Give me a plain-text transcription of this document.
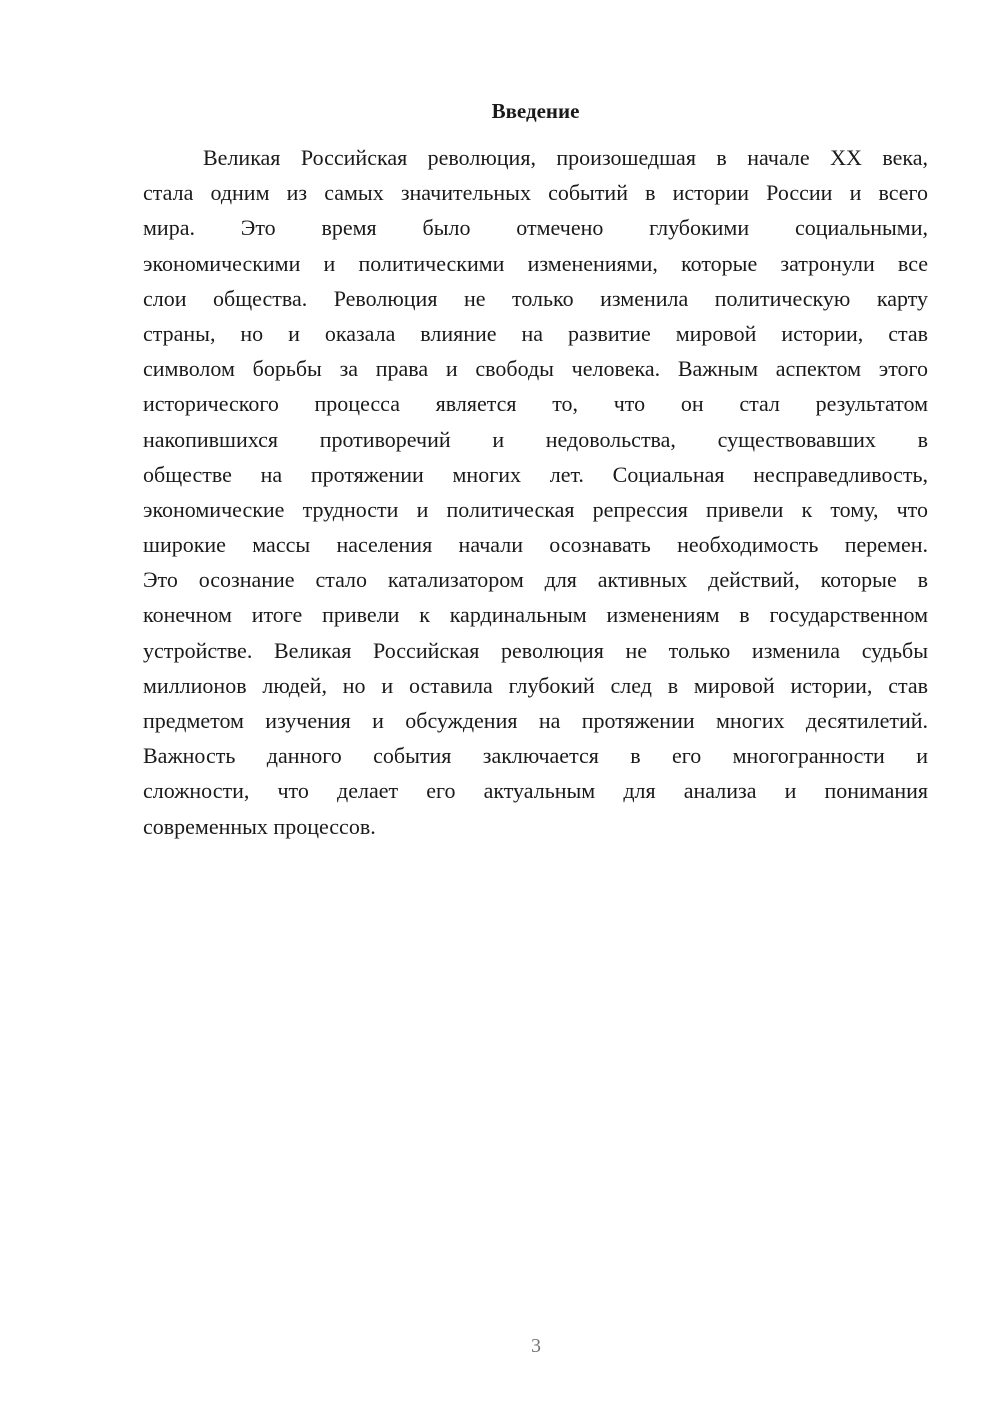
Введение
Великая Российская революция, произошедшая в начале XX века,
стала одним из самых значительных событий в истории России и всего
мира. Это время было отмечено глубокими социальными,
экономическими и политическими изменениями, которые затронули все
слои общества. Революция не только изменила политическую карту
страны, но и оказала влияние на развитие мировой истории, став
символом борьбы за права и свободы человека. Важным аспектом этого
исторического процесса является то, что он стал результатом
накопившихся противоречий и недовольства, существовавших в
обществе на протяжении многих лет. Социальная несправедливость,
экономические трудности и политическая репрессия привели к тому, что
широкие массы населения начали осознавать необходимость перемен.
Это осознание стало катализатором для активных действий, которые в
конечном итоге привели к кардинальным изменениям в государственном
устройстве. Великая Российская революция не только изменила судьбы
миллионов людей, но и оставила глубокий след в мировой истории, став
предметом изучения и обсуждения на протяжении многих десятилетий.
Важность данного события заключается в его многогранности и
сложности, что делает его актуальным для анализа и понимания
современных процессов.
3
